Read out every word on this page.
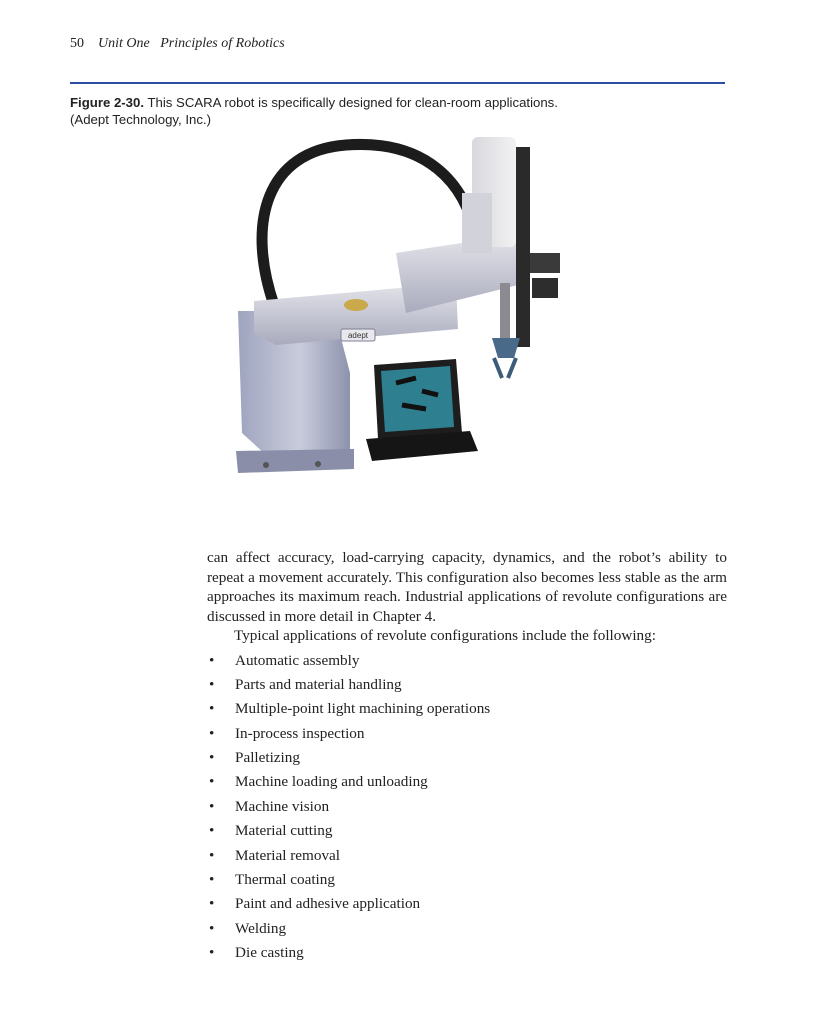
50 Unit One   Principles of Robotics
Figure 2-30. This SCARA robot is specifically designed for clean-room applications.
(Adept Technology, Inc.)
adept

can affect accuracy, load-carrying capacity, dynamics, and the robot’s ability to repeat a movement accurately. This configuration also becomes less stable as the arm approaches its maximum reach. Industrial applications of revolute configurations are discussed in more detail in Chapter 4.

Typical applications of revolute configurations include the following:

• Automatic assembly
• Parts and material handling
• Multiple-point light machining operations
• In-process inspection
• Palletizing
• Machine loading and unloading
• Machine vision
• Material cutting
• Material removal
• Thermal coating
• Paint and adhesive application
• Welding
• Die casting
